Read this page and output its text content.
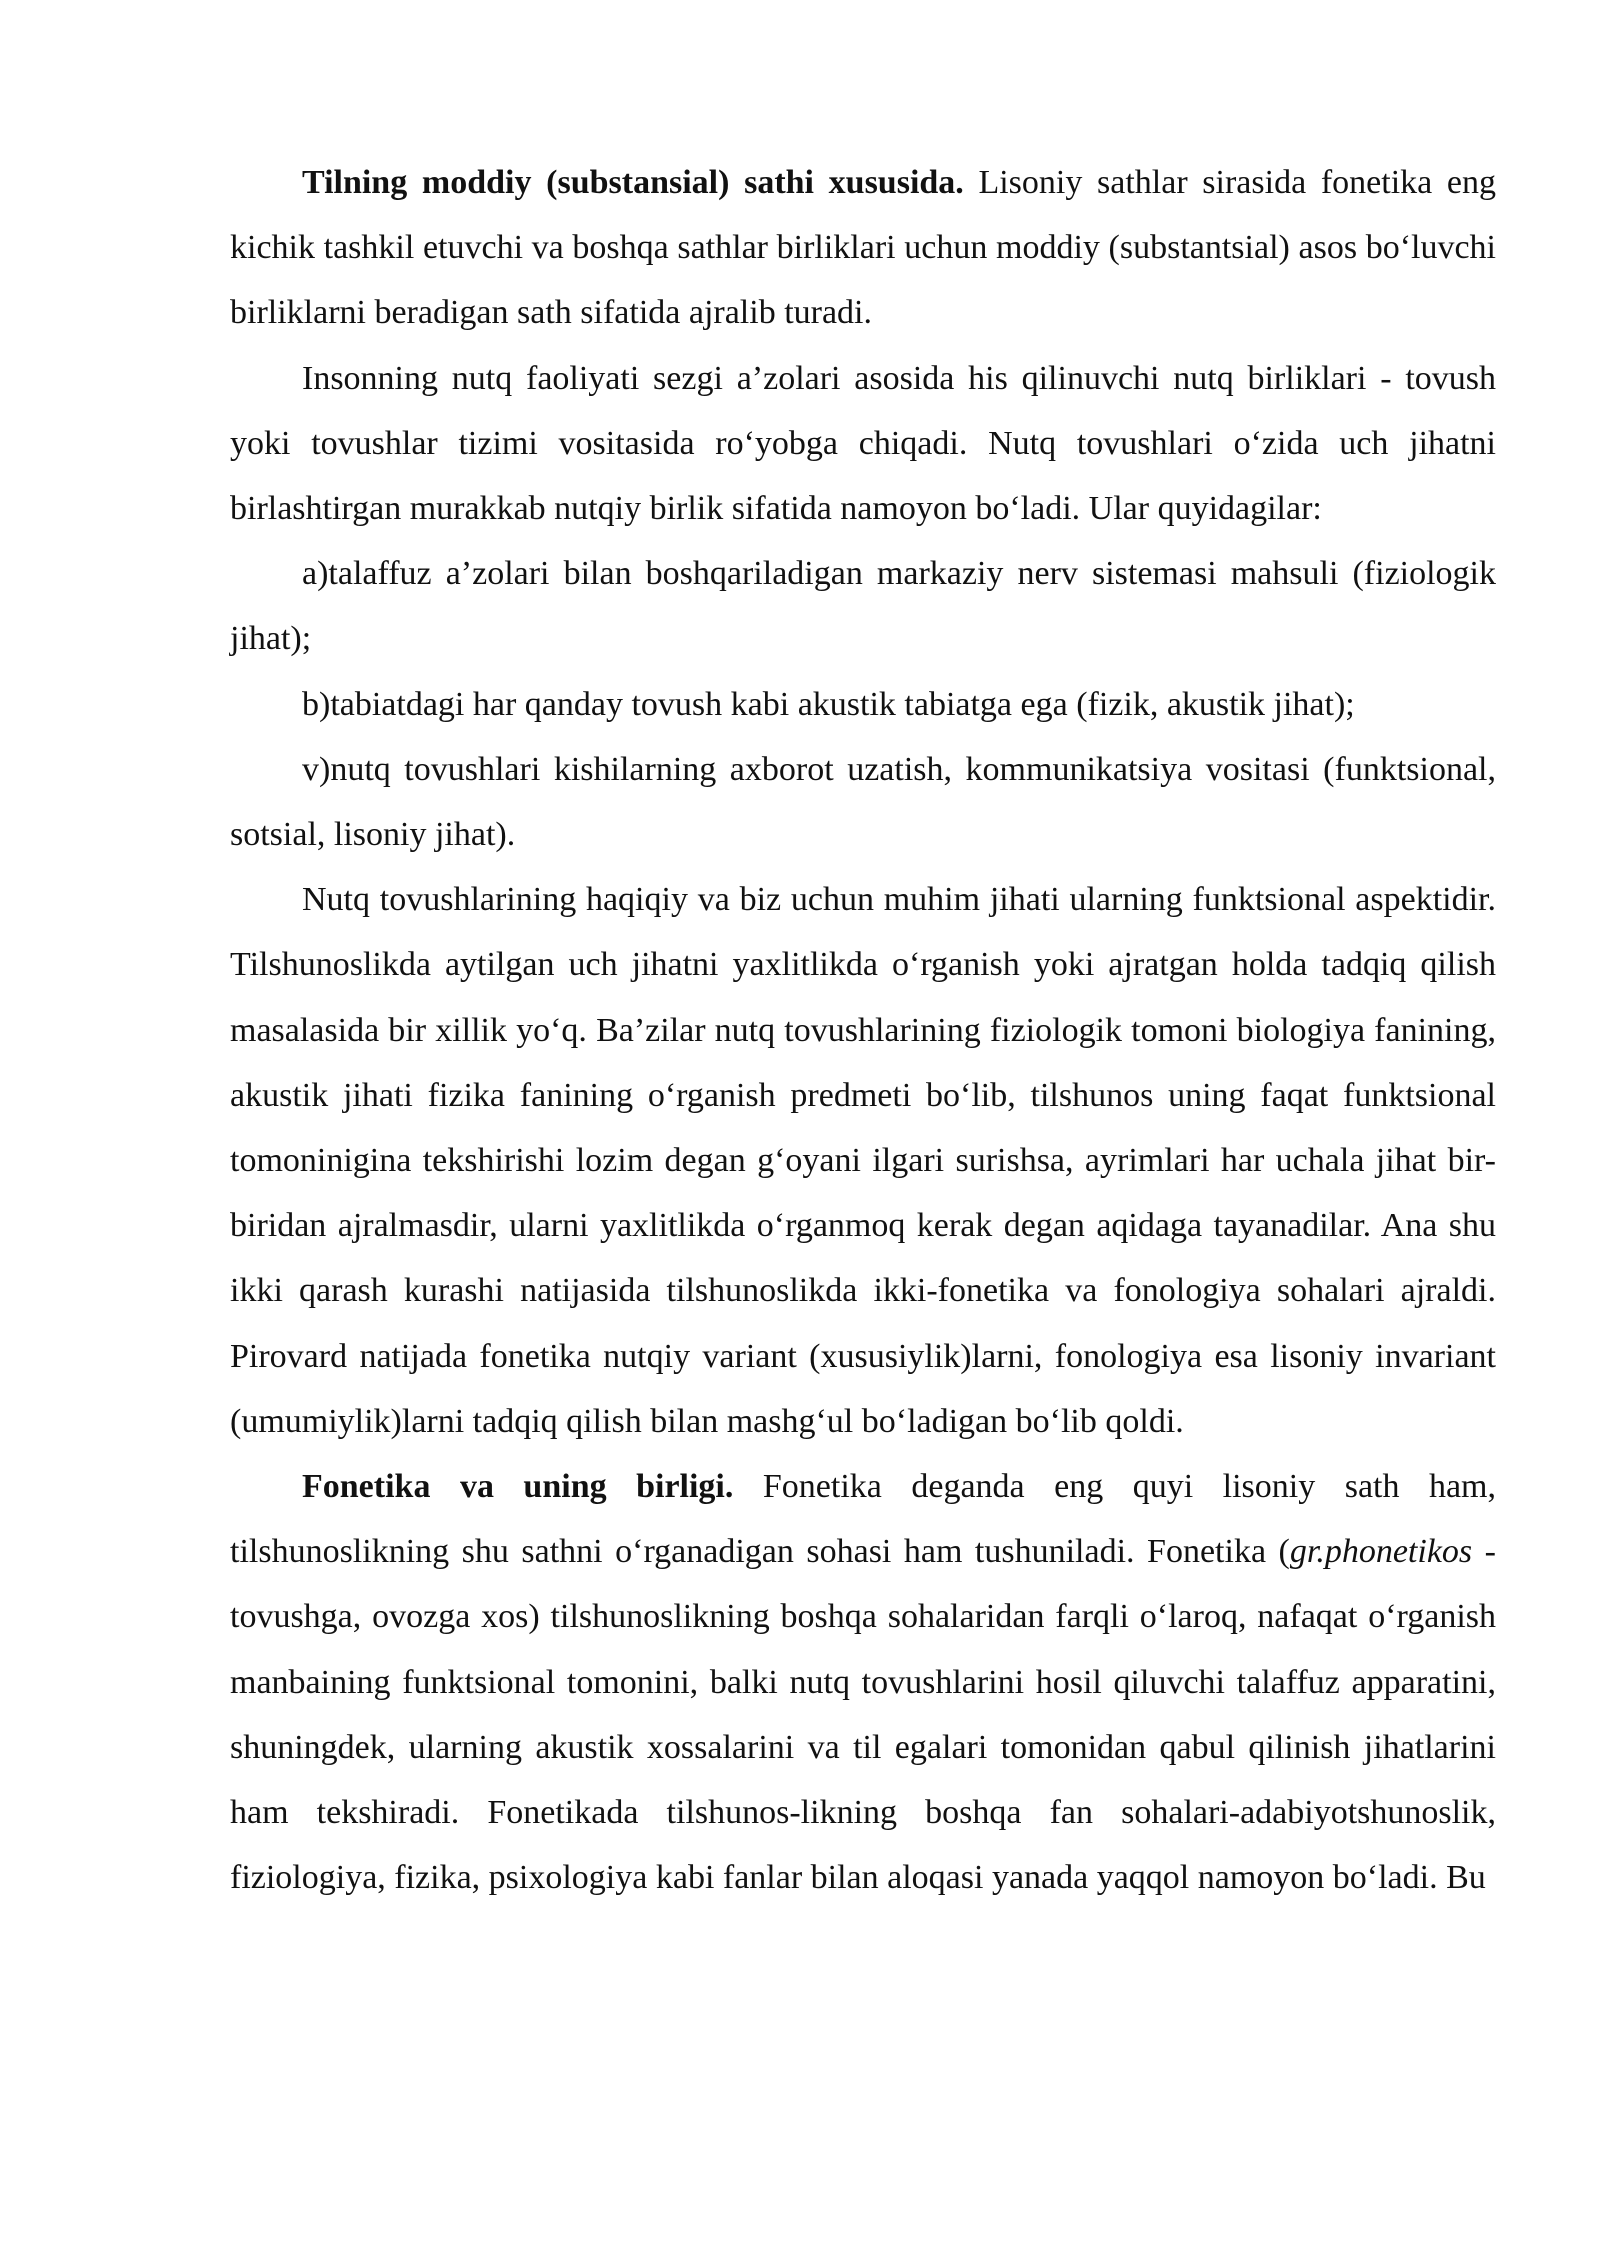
Tilning moddiy (substansial) sathi xususida. Lisoniy sathlar sirasida fonetika eng kichik tashkil etuvchi va boshqa sathlar birliklari uchun moddiy (substantsial) asos bo‘luvchi birliklarni beradigan sath sifatida ajralib turadi.

Insonning nutq faoliyati sezgi a’zolari asosida his qilinuvchi nutq birliklari - tovush yoki tovushlar tizimi vositasida ro‘yobga chiqadi. Nutq tovushlari o‘zida uch jihatni birlashtirgan murakkab nutqiy birlik sifatida namoyon bo‘ladi. Ular quyidagilar:

a)talaffuz a’zolari bilan boshqariladigan markaziy nerv sistemasi mahsuli (fiziologik jihat);

b)tabiatdagi har qanday tovush kabi akustik tabiatga ega (fizik, akustik jihat);

v)nutq tovushlari kishilarning axborot uzatish, kommunikatsiya vositasi (funktsional, sotsial, lisoniy jihat).

Nutq tovushlarining haqiqiy va biz uchun muhim jihati ularning funktsional aspektidir. Tilshunoslikda aytilgan uch jihatni yaxlitlikda o‘rganish yoki ajratgan holda tadqiq qilish masalasida bir xillik yo‘q. Ba’zilar nutq tovushlarining fiziologik tomoni biologiya fanining, akustik jihati fizika fanining o‘rganish predmeti bo‘lib, tilshunos uning faqat funktsional tomoninigina tekshirishi lozim degan g‘oyani ilgari surishsa, ayrimlari har uchala jihat bir-biridan ajralmasdir, ularni yaxlitlikda o‘rganmoq kerak degan aqidaga tayanadilar. Ana shu ikki qarash kurashi natijasida tilshunoslikda ikki-fonetika va fonologiya sohalari ajraldi. Pirovard natijada fonetika nutqiy variant (xususiylik)larni, fonologiya esa lisoniy invariant (umumiylik)larni tadqiq qilish bilan mashg‘ul bo‘ladigan bo‘lib qoldi.

Fonetika va uning birligi. Fonetika deganda eng quyi lisoniy sath ham, tilshunoslikning shu sathni o‘rganadigan sohasi ham tushuniladi. Fonetika (gr.phonetikos - tovushga, ovozga xos) tilshunoslikning boshqa sohalaridan farqli o‘laroq, nafaqat o‘rganish manbaining funktsional tomonini, balki nutq tovushlarini hosil qiluvchi talaffuz apparatini, shuningdek, ularning akustik xossalarini va til egalari tomonidan qabul qilinish jihatlarini ham tekshiradi. Fonetikada tilshunos-likning boshqa fan sohalari-adabiyotshunoslik, fiziologiya, fizika, psixologiya kabi fanlar bilan aloqasi yanada yaqqol namoyon bo‘ladi. Bu
